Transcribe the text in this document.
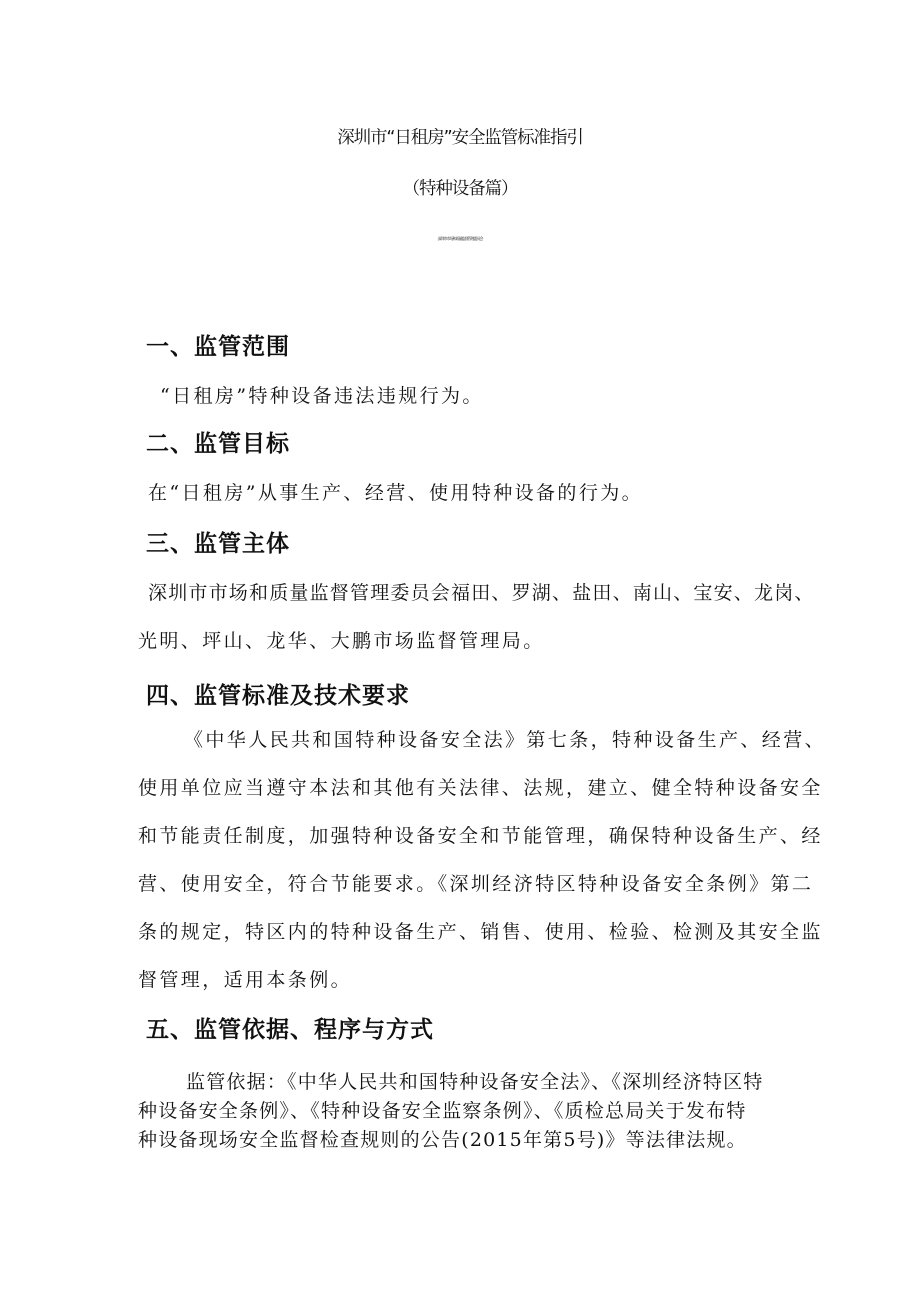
深圳市“日租房”安全监管标准指引
（特种设备篇）
深圳市市场和质量监督管理委员会
一、监管范围
“日租房”特种设备违法违规行为。
二、监管目标
在“日租房”从事生产、经营、使用特种设备的行为。
三、监管主体
深圳市市场和质量监督管理委员会福田、罗湖、盐田、南山、宝安、龙岗、
光明、坪山、龙华、大鹏市场监督管理局。
四、监管标准及技术要求
《中华人民共和国特种设备安全法》第七条，特种设备生产、经营、
使用单位应当遵守本法和其他有关法律、法规，建立、健全特种设备安全
和节能责任制度，加强特种设备安全和节能管理，确保特种设备生产、经
营、使用安全，符合节能要求。《深圳经济特区特种设备安全条例》第二
条的规定，特区内的特种设备生产、销售、使用、检验、检测及其安全监
督管理，适用本条例。
五、监管依据、程序与方式
监管依据：《中华人民共和国特种设备安全法》、《深圳经济特区特
种设备安全条例》、《特种设备安全监察条例》、《质检总局关于发布特
种设备现场安全监督检查规则的公告(2015年第5号)》等法律法规。
